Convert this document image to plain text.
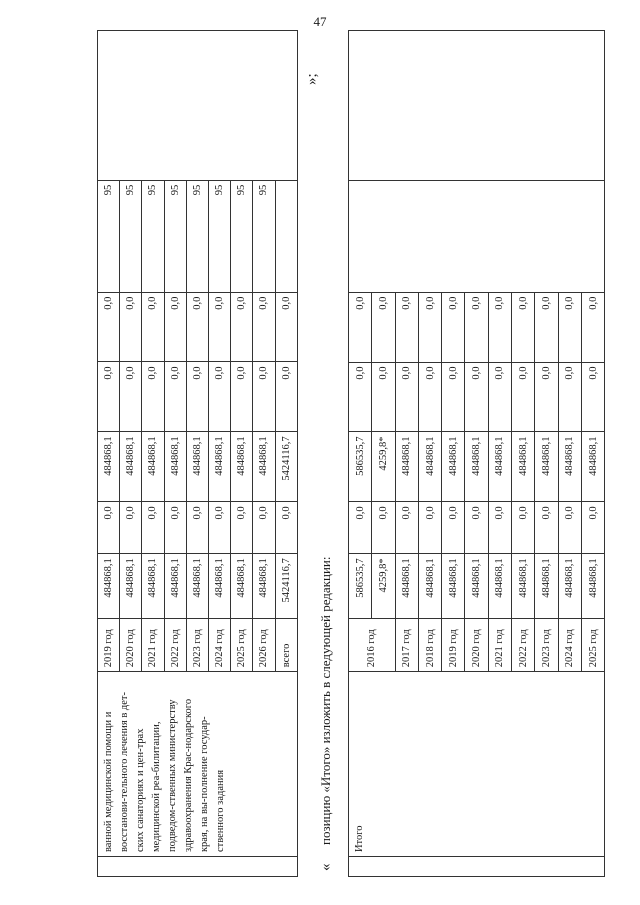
47
	ванной медицинской помощи и восстанови-тельного лечения в дет-ских санаториях и цен-трах медицинской реа-билитации, подведом-ственных министерству здравоохранения Крас-нодарского края, на вы-полнение государ-ственного задания	2019 год	484868,1	0,0	484868,1	0,0	0,0	95	
		2020 год	484868,1	0,0	484868,1	0,0	0,0	95	
		2021 год	484868,1	0,0	484868,1	0,0	0,0	95	
		2022 год	484868,1	0,0	484868,1	0,0	0,0	95	
		2023 год	484868,1	0,0	484868,1	0,0	0,0	95	
		2024 год	484868,1	0,0	484868,1	0,0	0,0	95	
		2025 год	484868,1	0,0	484868,1	0,0	0,0	95	
		2026 год	484868,1	0,0	484868,1	0,0	0,0	95	
		всего	5424116,7	0,0	5424116,7	0,0	0,0		
»;
«
позицию «Итого» изложить в следующей редакции:
	Итого	2016 год	586535,7	0,0	586535,7	0,0	0,0		
			4259,8*	0,0	4259,8*	0,0	0,0		
		2017 год	484868,1	0,0	484868,1	0,0	0,0		
		2018 год	484868,1	0,0	484868,1	0,0	0,0		
		2019 год	484868,1	0,0	484868,1	0,0	0,0		
		2020 год	484868,1	0,0	484868,1	0,0	0,0		
		2021 год	484868,1	0,0	484868,1	0,0	0,0		
		2022 год	484868,1	0,0	484868,1	0,0	0,0		
		2023 год	484868,1	0,0	484868,1	0,0	0,0		
		2024 год	484868,1	0,0	484868,1	0,0	0,0		
		2025 год	484868,1	0,0	484868,1	0,0	0,0		
